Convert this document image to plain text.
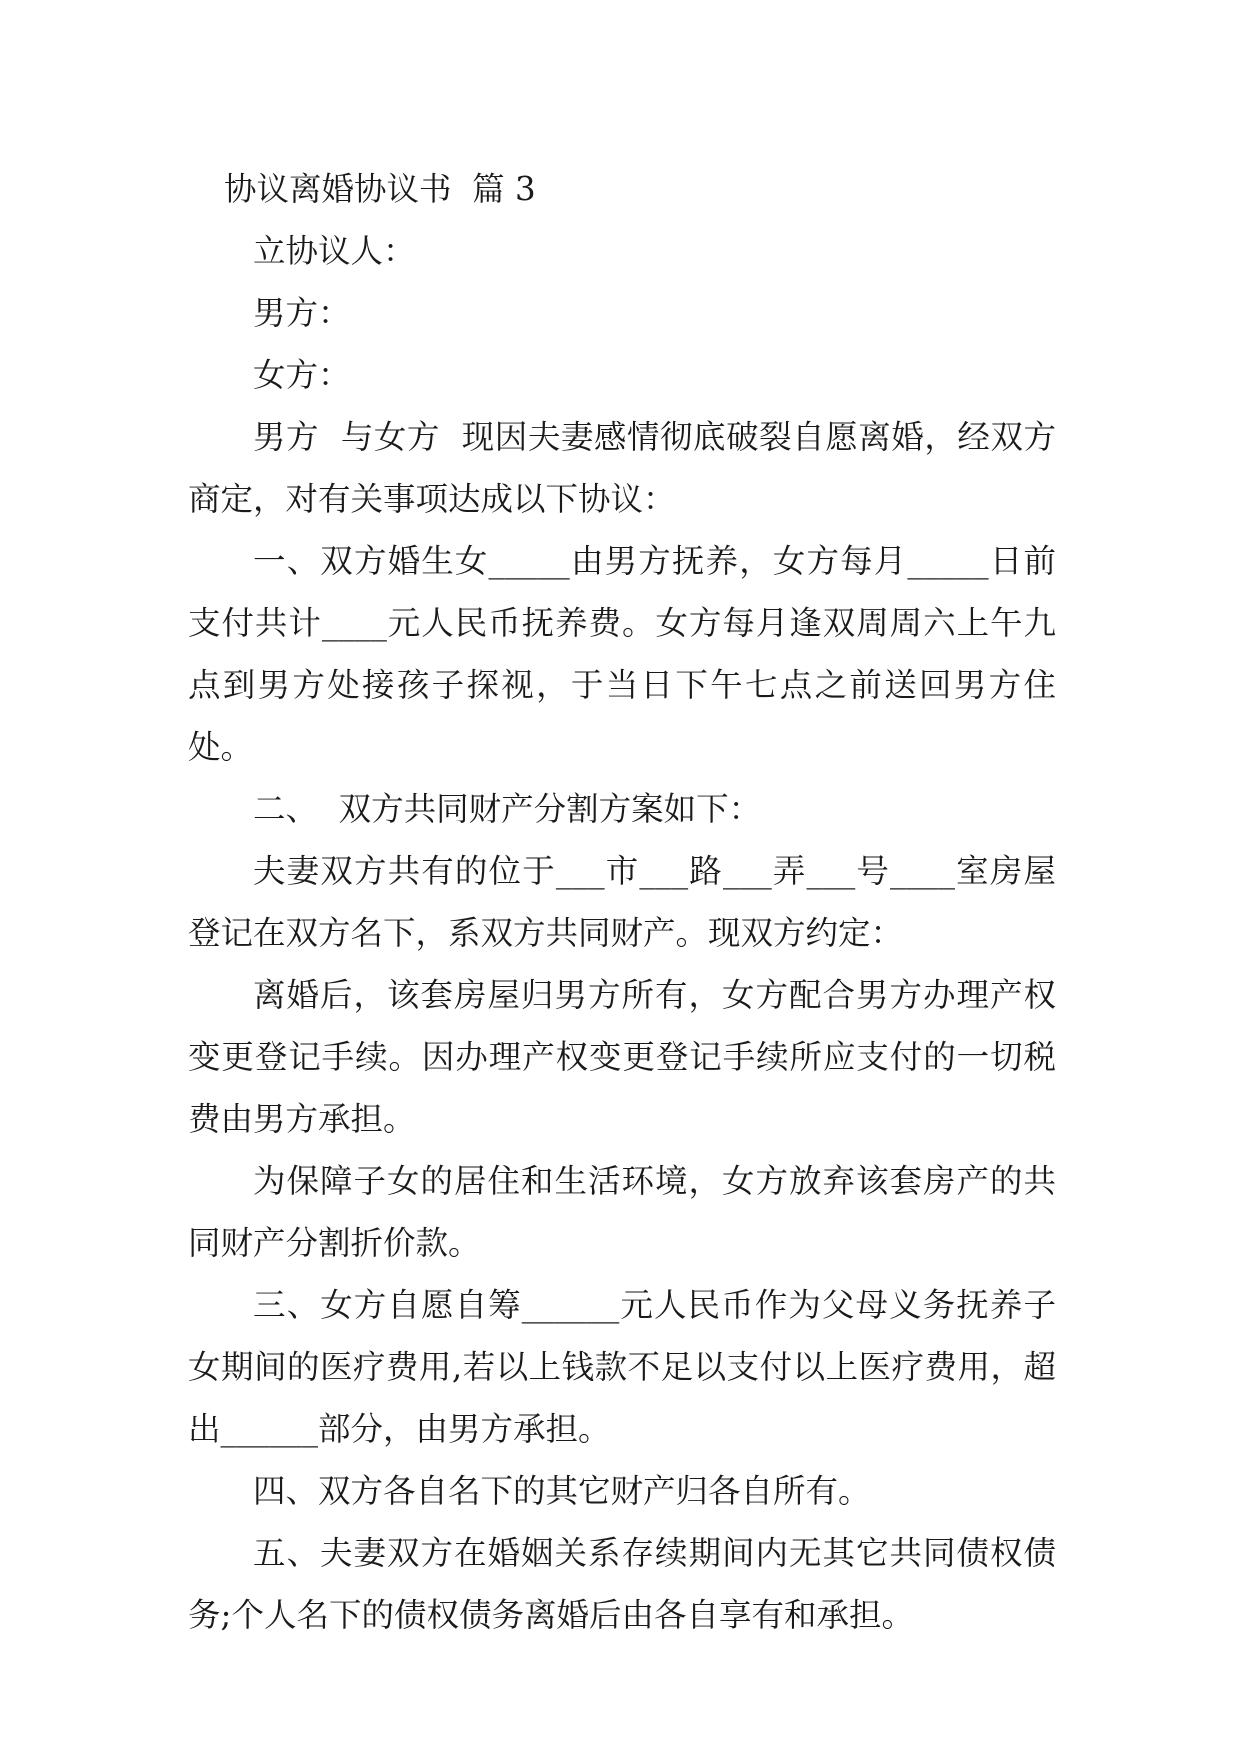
协议离婚协议书  篇 3

立协议人：

男方：

女方：

男方  与女方  现因夫妻感情彻底破裂自愿离婚，经双方商定，对有关事项达成以下协议：

一、双方婚生女_____由男方抚养，女方每月_____日前支付共计____元人民币抚养费。女方每月逢双周周六上午九点到男方处接孩子探视，于当日下午七点之前送回男方住处。

二、  双方共同财产分割方案如下：

夫妻双方共有的位于___市___路___弄___号____室房屋登记在双方名下，系双方共同财产。现双方约定：

离婚后，该套房屋归男方所有，女方配合男方办理产权变更登记手续。因办理产权变更登记手续所应支付的一切税费由男方承担。

为保障子女的居住和生活环境，女方放弃该套房产的共同财产分割折价款。

三、女方自愿自筹______元人民币作为父母义务抚养子女期间的医疗费用,若以上钱款不足以支付以上医疗费用，超出______部分，由男方承担。

四、双方各自名下的其它财产归各自所有。

五、夫妻双方在婚姻关系存续期间内无其它共同债权债务;个人名下的债权债务离婚后由各自享有和承担。
